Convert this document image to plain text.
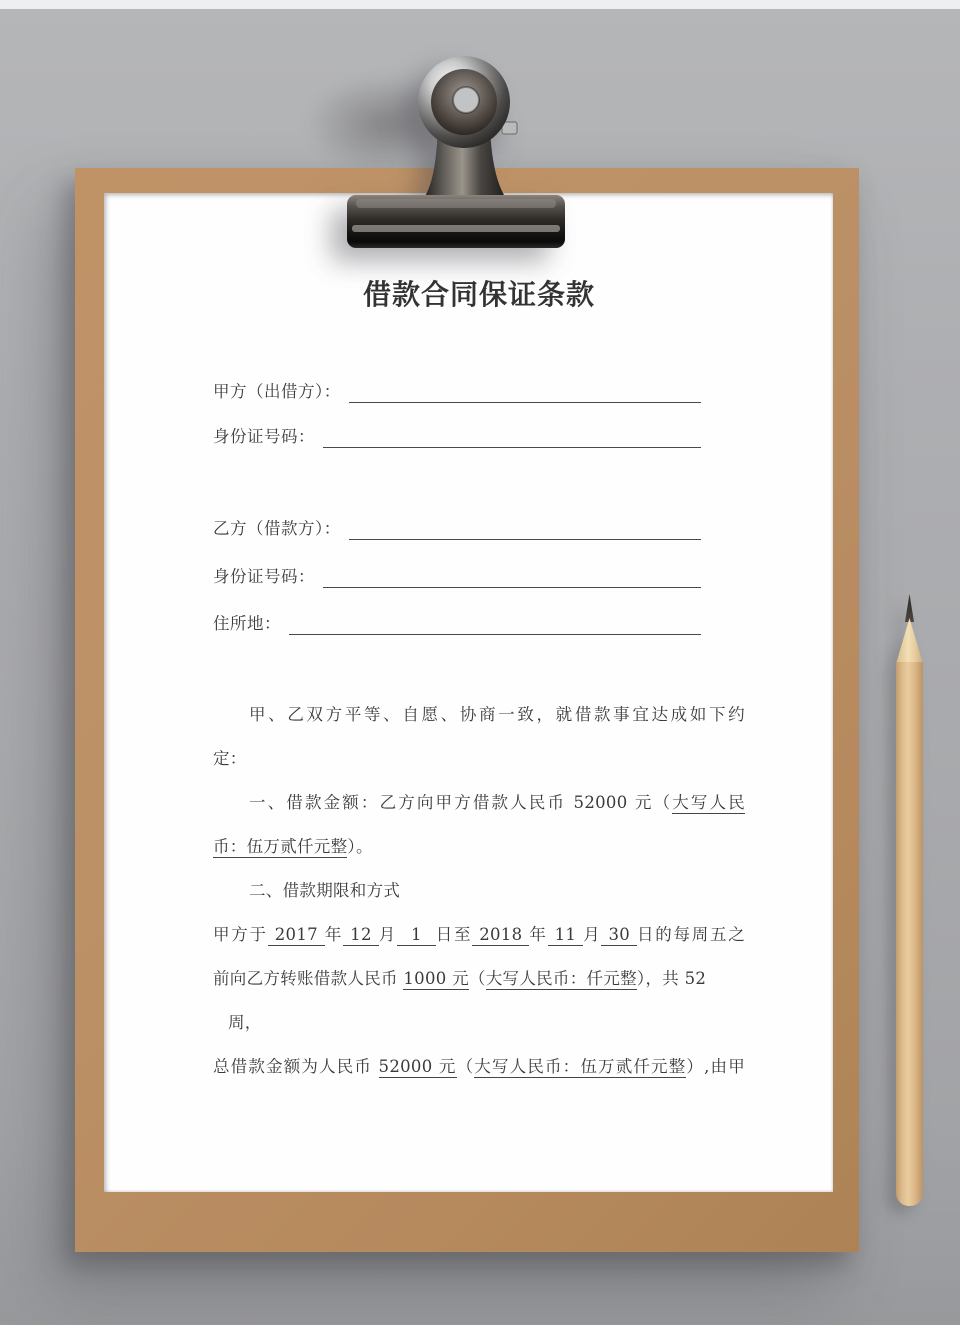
借款合同保证条款
甲方（出借方）：
身份证号码：
乙方（借款方）：
身份证号码：
住所地：
甲、乙双方平等、自愿、协商一致，就借款事宜达成如下约
定：
一、借款金额：乙方向甲方借款人民币 52000 元（大写人民
币：伍万贰仟元整）。
二、借款期限和方式
甲方于 2017 年 12 月  1  日至 2018 年 11 月 30 日的每周五之
前向乙方转账借款人民币 1000 元（大写人民币：仟元整），共 52
周，
总借款金额为人民币 52000 元（大写人民币：伍万贰仟元整）,由甲
